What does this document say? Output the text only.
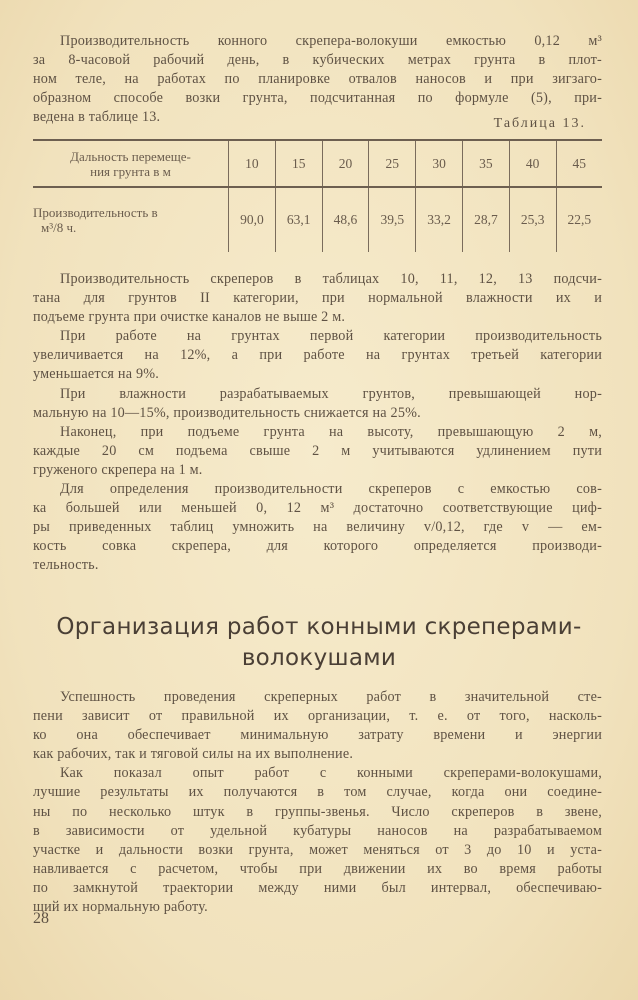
Производительность конного скрепера-волокуши емкостью 0,12 м³
за 8-часовой рабочий день, в кубических метрах грунта в плот-
ном теле, на работах по планировке отвалов наносов и при зигзаго-
образном способе возки грунта, подсчитанная по формуле (5), при-
ведена в таблице 13.	Таблица 13.
Дальность перемеще-
ния грунта в м	10	15	20	25	30	35	40	45

Производительность в
м³/8 ч.	90,0	63,1	48,6	39,5	33,2	28,7	25,3	22,5
Производительность скреперов в таблицах 10, 11, 12, 13 подсчи-
тана для грунтов II категории, при нормальной влажности их и
подъеме грунта при очистке каналов не выше 2 м.
При работе на грунтах первой категории производительность
увеличивается на 12%, а при работе на грунтах третьей категории
уменьшается на 9%.
При влажности разрабатываемых грунтов, превышающей нор-
мальную на 10—15%, производительность снижается на 25%.
Наконец, при подъеме грунта на высоту, превышающую 2 м,
каждые 20 см подъема свыше 2 м учитываются удлинением пути
груженого скрепера на 1 м.
Для определения производительности скреперов с емкостью сов-
ка большей или меньшей 0, 12 м³ достаточно соответствующие циф-
ры приведенных таблиц умножить на величину v/0,12, где v — ем-
кость совка скрепера, для которого определяется производи-
тельность.
Организация работ конными скреперами-
волокушами
Успешность проведения скреперных работ в значительной сте-
пени зависит от правильной их организации, т. е. от того, насколь-
ко она обеспечивает минимальную затрату времени и энергии
как рабочих, так и тяговой силы на их выполнение.
Как показал опыт работ с конными скреперами-волокушами,
лучшие результаты их получаются в том случае, когда они соедине-
ны по несколько штук в группы-звенья. Число скреперов в звене,
в зависимости от удельной кубатуры наносов на разрабатываемом
участке и дальности возки грунта, может меняться от 3 до 10 и уста-
навливается с расчетом, чтобы при движении их во время работы
по замкнутой траектории между ними был интервал, обеспечиваю-
щий их нормальную работу.
28
